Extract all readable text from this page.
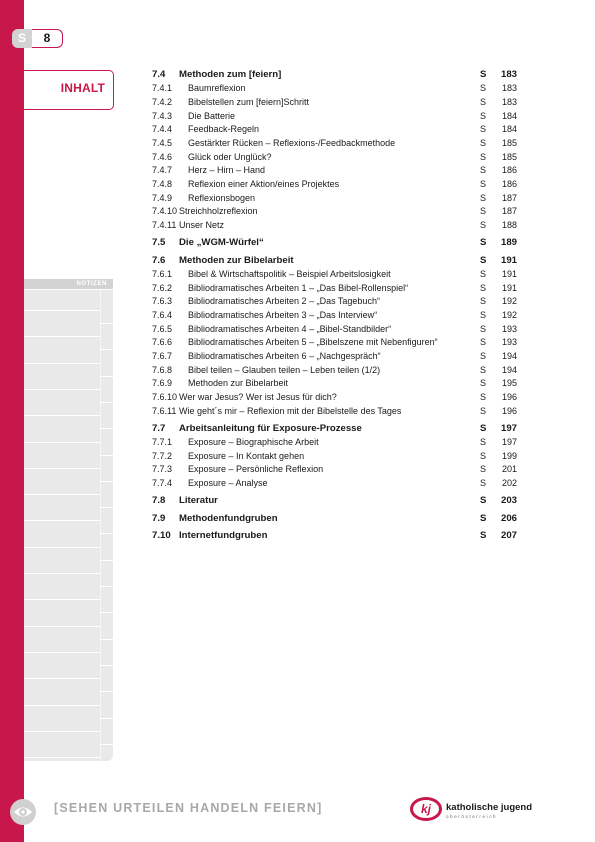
S	8
INHALT
NOTIZEN
7.4 Methoden zum [feiern]	S 183
7.4.1 Baumreflexion	S 183
7.4.2 Bibelstellen zum [feiern]Schritt	S 183
7.4.3 Die Batterie	S 184
7.4.4 Feedback-Regeln	S 184
7.4.5 Gestärkter Rücken – Reflexions-/Feedbackmethode	S 185
7.4.6 Glück oder Unglück?	S 185
7.4.7 Herz – Hirn – Hand	S 186
7.4.8 Reflexion einer Aktion/eines Projektes	S 186
7.4.9 Reflexionsbogen	S 187
7.4.10 Streichholzreflexion	S 187
7.4.11 Unser Netz	S 188
7.5 Die „WGM-Würfel“	S 189
7.6 Methoden zur Bibelarbeit	S 191
7.6.1 Bibel & Wirtschaftspolitik – Beispiel Arbeitslosigkeit	S 191
7.6.2 Bibliodramatisches Arbeiten 1 – „Das Bibel-Rollenspiel“	S 191
7.6.3 Bibliodramatisches Arbeiten 2 – „Das Tagebuch“	S 192
7.6.4 Bibliodramatisches Arbeiten 3 – „Das Interview“	S 192
7.6.5 Bibliodramatisches Arbeiten 4 – „Bibel-Standbilder“	S 193
7.6.6 Bibliodramatisches Arbeiten 5 – „Bibelszene mit Nebenfiguren“	S 193
7.6.7 Bibliodramatisches Arbeiten 6 – „Nachgespräch“	S 194
7.6.8 Bibel teilen – Glauben teilen – Leben teilen (1/2)	S 194
7.6.9 Methoden zur Bibelarbeit	S 195
7.6.10 Wer war Jesus? Wer ist Jesus für dich?	S 196
7.6.11 Wie geht´s mir – Reflexion mit der Bibelstelle des Tages	S 196
7.7 Arbeitsanleitung für Exposure-Prozesse	S 197
7.7.1 Exposure – Biographische Arbeit	S 197
7.7.2 Exposure – In Kontakt gehen	S 199
7.7.3 Exposure – Persönliche Reflexion	S 201
7.7.4 Exposure – Analyse	S 202
7.8 Literatur	S 203
7.9 Methodenfundgruben	S 206
7.10 Internetfundgruben	S 207
[SEHEN URTEILEN HANDELN FEIERN]	kj katholische jugend
oberösterreich
